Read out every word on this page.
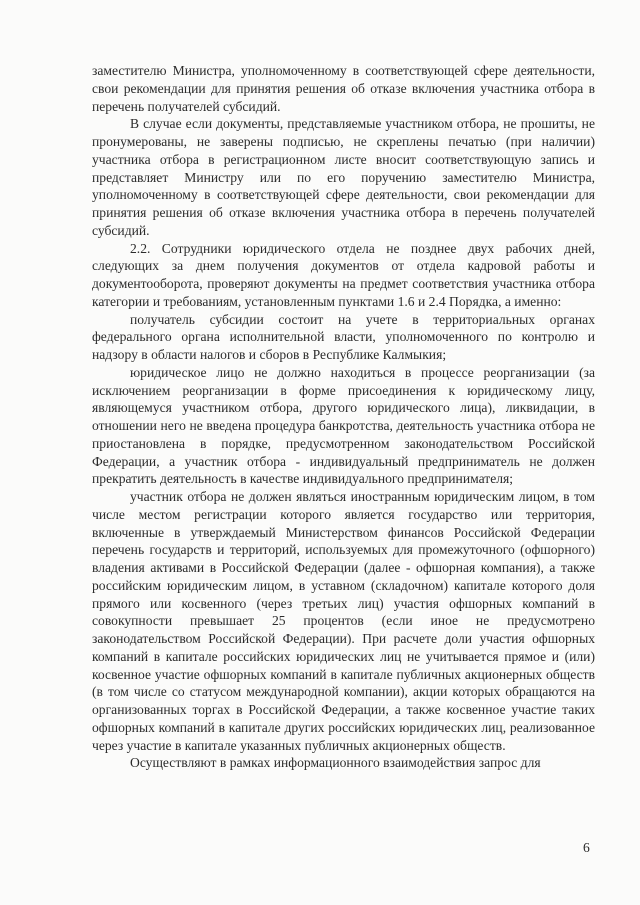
заместителю Министра, уполномоченному в соответствующей сфере деятельности, свои рекомендации для принятия решения об отказе включения участника отбора в перечень получателей субсидий.

В случае если документы, представляемые участником отбора, не прошиты, не пронумерованы, не заверены подписью, не скреплены печатью (при наличии) участника отбора в регистрационном листе вносит соответствующую запись и представляет Министру или по его поручению заместителю Министра, уполномоченному в соответствующей сфере деятельности, свои рекомендации для принятия решения об отказе включения участника отбора в перечень получателей субсидий.

2.2. Сотрудники юридического отдела не позднее двух рабочих дней, следующих за днем получения документов от отдела кадровой работы и документооборота, проверяют документы на предмет соответствия участника отбора категории и требованиям, установленным пунктами 1.6 и 2.4 Порядка, а именно:

получатель субсидии состоит на учете в территориальных органах федерального органа исполнительной власти, уполномоченного по контролю и надзору в области налогов и сборов в Республике Калмыкия;

юридическое лицо не должно находиться в процессе реорганизации (за исключением реорганизации в форме присоединения к юридическому лицу, являющемуся участником отбора, другого юридического лица), ликвидации, в отношении него не введена процедура банкротства, деятельность участника отбора не приостановлена в порядке, предусмотренном законодательством Российской Федерации, а участник отбора - индивидуальный предприниматель не должен прекратить деятельность в качестве индивидуального предпринимателя;

участник отбора не должен являться иностранным юридическим лицом, в том числе местом регистрации которого является государство или территория, включенные в утверждаемый Министерством финансов Российской Федерации перечень государств и территорий, используемых для промежуточного (офшорного) владения активами в Российской Федерации (далее - офшорная компания), а также российским юридическим лицом, в уставном (складочном) капитале которого доля прямого или косвенного (через третьих лиц) участия офшорных компаний в совокупности превышает 25 процентов (если иное не предусмотрено законодательством Российской Федерации). При расчете доли участия офшорных компаний в капитале российских юридических лиц не учитывается прямое и (или) косвенное участие офшорных компаний в капитале публичных акционерных обществ (в том числе со статусом международной компании), акции которых обращаются на организованных торгах в Российской Федерации, а также косвенное участие таких офшорных компаний в капитале других российских юридических лиц, реализованное через участие в капитале указанных публичных акционерных обществ.

Осуществляют в рамках информационного взаимодействия запрос для

6
